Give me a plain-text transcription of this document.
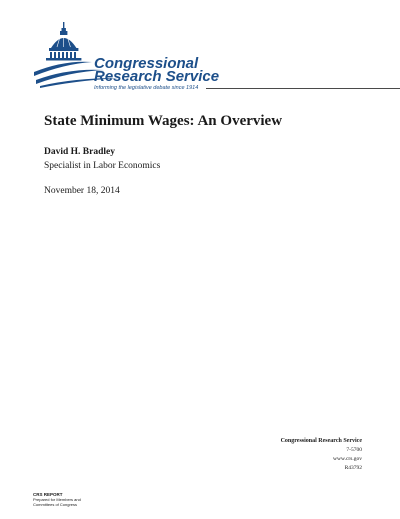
Congressional
Research Service
Informing the legislative debate since 1914
State Minimum Wages: An Overview
David H. Bradley
Specialist in Labor Economics
November 18, 2014
Congressional Research Service
7-5700
www.crs.gov
R43792
CRS REPORT
Prepared for Members and
Committees of Congress
